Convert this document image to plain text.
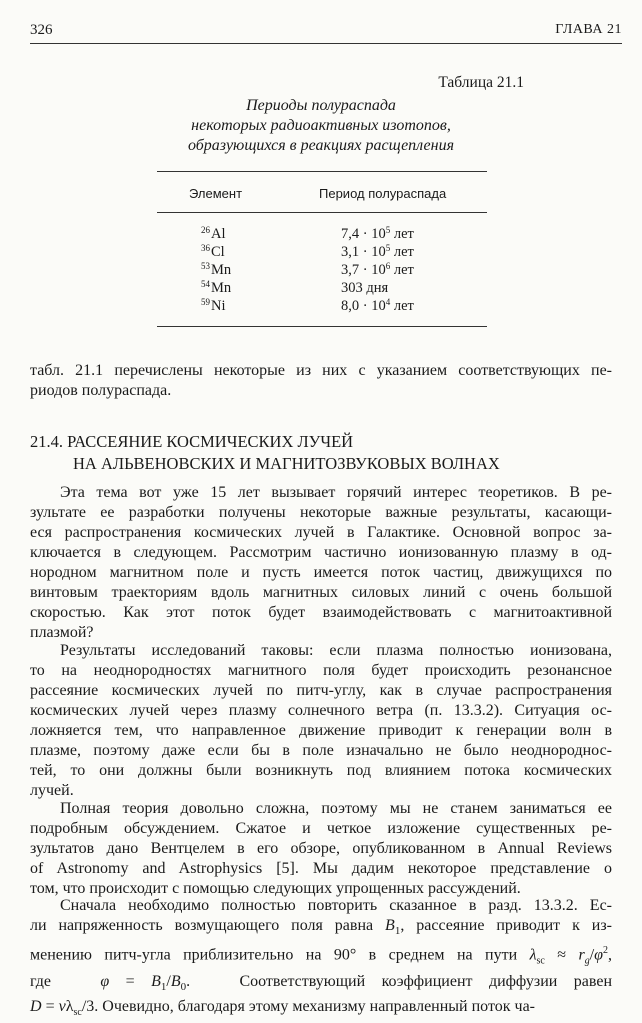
326	ГЛАВА 21
Таблица 21.1
Периоды полураспада
некоторых радиоактивных изотопов,
образующихся в реакциях расщепления
Элемент	Период полураспада
$^{26}$Al	$7,4 \cdot 10^5$ лет
$^{36}$Cl	$3,1 \cdot 10^5$ лет
$^{53}$Mn	$3,7 \cdot 10^6$ лет
$^{54}$Mn	303 дня
$^{59}$Ni	$8,0 \cdot 10^4$ лет
табл. 21.1 перечислены некоторые из них с указанием соответствующих пе-
риодов полураспада.
21.4. РАССЕЯНИЕ КОСМИЧЕСКИХ ЛУЧЕЙ
НА АЛЬВЕНОВСКИХ И МАГНИТОЗВУКОВЫХ ВОЛНАХ
Эта тема вот уже 15 лет вызывает горячий интерес теоретиков. В ре-
зультате ее разработки получены некоторые важные результаты, касающи-
еся распространения космических лучей в Галактике. Основной вопрос за-
ключается в следующем. Рассмотрим частично ионизованную плазму в од-
нородном магнитном поле и пусть имеется поток частиц, движущихся по
винтовым траекториям вдоль магнитных силовых линий с очень большой
скоростью. Как этот поток будет взаимодействовать с магнитоактивной
плазмой?
Результаты исследований таковы: если плазма полностью ионизована,
то на неоднородностях магнитного поля будет происходить резонансное
рассеяние космических лучей по питч-углу, как в случае распространения
космических лучей через плазму солнечного ветра (п. 13.3.2). Ситуация ос-
ложняется тем, что направленное движение приводит к генерации волн в
плазме, поэтому даже если бы в поле изначально не было неоднороднос-
тей, то они должны были возникнуть под влиянием потока космических
лучей.
Полная теория довольно сложна, поэтому мы не станем заниматься ее
подробным обсуждением. Сжатое и четкое изложение существенных ре-
зультатов дано Вентцелем в его обзоре, опубликованном в Annual Reviews
of Astronomy and Astrophysics [5]. Мы дадим некоторое представление о
том, что происходит с помощью следующих упрощенных рассуждений.
Сначала необходимо полностью повторить сказанное в разд. 13.3.2. Ес-
ли напряженность возмущающего поля равна $B_1$, рассеяние приводит к из-
менению питч-угла приблизительно на 90° в среднем на пути $\lambda_{sc} \approx r_g/\varphi^2$,
где	$\varphi = B_1/B_0$.   Соответствующий коэффициент диффузии равен
$D = v\lambda_{sc}/3$. Очевидно, благодаря этому механизму направленный поток ча-
